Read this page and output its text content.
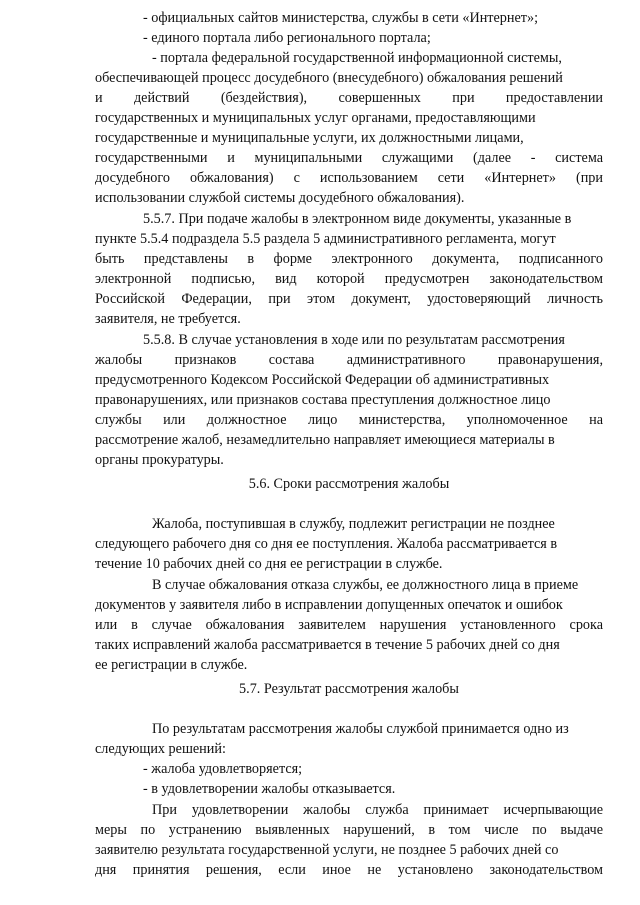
- официальных сайтов министерства, службы в сети «Интернет»;
- единого портала либо регионального портала;
- портала федеральной государственной информационной системы,
обеспечивающей процесс досудебного (внесудебного) обжалования решений
и действий (бездействия), совершенных при предоставлении
государственных и муниципальных услуг органами, предоставляющими
государственные и муниципальные услуги, их должностными лицами,
государственными и муниципальными служащими (далее - система
досудебного обжалования) с использованием сети «Интернет» (при
использовании службой системы досудебного обжалования).
5.5.7. При подаче жалобы в электронном виде документы, указанные в
пункте 5.5.4 подраздела 5.5 раздела 5 административного регламента, могут
быть представлены в форме электронного документа, подписанного
электронной подписью, вид которой предусмотрен законодательством
Российской Федерации, при этом документ, удостоверяющий личность
заявителя, не требуется.
5.5.8. В случае установления в ходе или по результатам рассмотрения
жалобы признаков состава административного правонарушения,
предусмотренного Кодексом Российской Федерации об административных
правонарушениях, или признаков состава преступления должностное лицо
службы или должностное лицо министерства, уполномоченное на
рассмотрение жалоб, незамедлительно направляет имеющиеся материалы в
органы прокуратуры.
5.6. Сроки рассмотрения жалобы
Жалоба, поступившая в службу, подлежит регистрации не позднее
следующего рабочего дня со дня ее поступления. Жалоба рассматривается в
течение 10 рабочих дней со дня ее регистрации в службе.
В случае обжалования отказа службы, ее должностного лица в приеме
документов у заявителя либо в исправлении допущенных опечаток и ошибок
или в случае обжалования заявителем нарушения установленного срока
таких исправлений жалоба рассматривается в течение 5 рабочих дней со дня
ее регистрации в службе.
5.7. Результат рассмотрения жалобы
По результатам рассмотрения жалобы службой принимается одно из
следующих решений:
- жалоба удовлетворяется;
- в удовлетворении жалобы отказывается.
При удовлетворении жалобы служба принимает исчерпывающие
меры по устранению выявленных нарушений, в том числе по выдаче
заявителю результата государственной услуги, не позднее 5 рабочих дней со
дня принятия решения, если иное не установлено законодательством
